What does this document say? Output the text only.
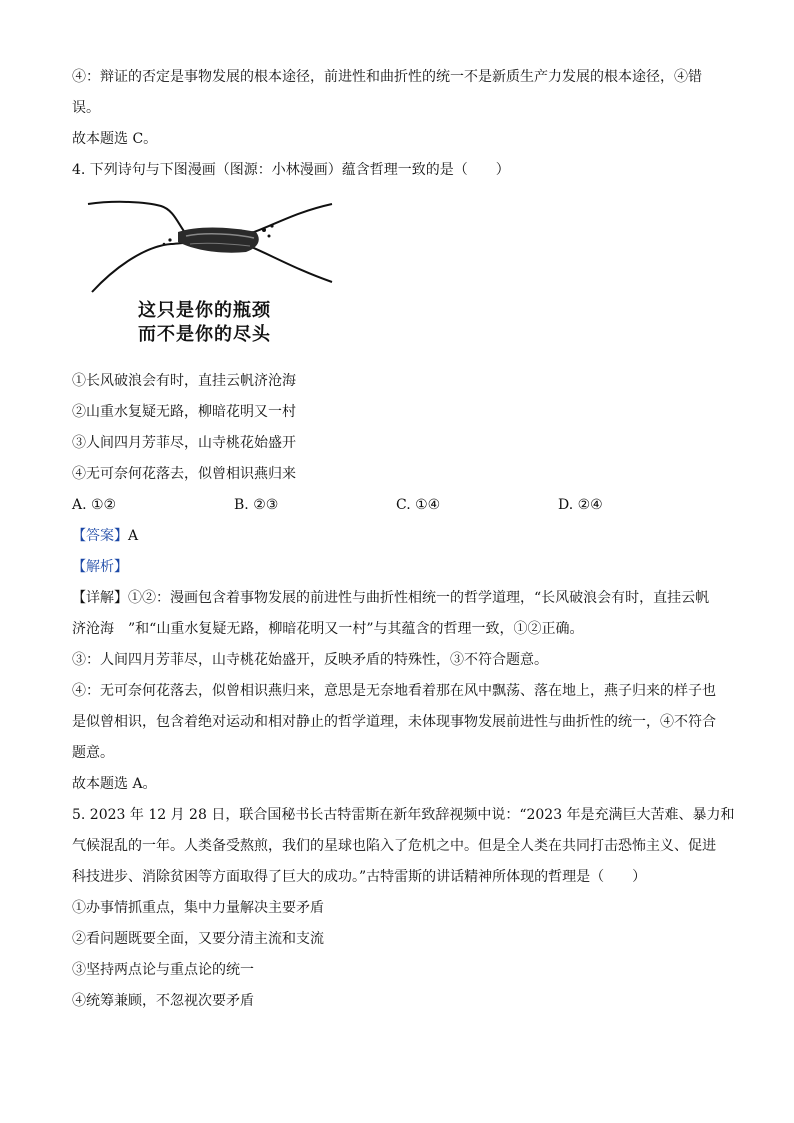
④：辩证的否定是事物发展的根本途径，前进性和曲折性的统一不是新质生产力发展的根本途径，④错

误。

故本题选 C。

4. 下列诗句与下图漫画（图源：小林漫画）蕴含哲理一致的是（　　）

这只是你的瓶颈
而不是你的尽头

①长风破浪会有时，直挂云帆济沧海

②山重水复疑无路，柳暗花明又一村

③人间四月芳菲尽，山寺桃花始盛开

④无可奈何花落去，似曾相识燕归来

A. ①②	B. ②③	C. ①④	D. ②④

【答案】A

【解析】

【详解】①②：漫画包含着事物发展的前进性与曲折性相统一的哲学道理，“长风破浪会有时，直挂云帆

济沧海　”和“山重水复疑无路，柳暗花明又一村”与其蕴含的哲理一致，①②正确。

③：人间四月芳菲尽，山寺桃花始盛开，反映矛盾的特殊性，③不符合题意。

④：无可奈何花落去，似曾相识燕归来，意思是无奈地看着那在风中飘荡、落在地上，燕子归来的样子也

是似曾相识，包含着绝对运动和相对静止的哲学道理，未体现事物发展前进性与曲折性的统一，④不符合

题意。

故本题选 A。

5. 2023 年 12 月 28 日，联合国秘书长古特雷斯在新年致辞视频中说：“2023 年是充满巨大苦难、暴力和

气候混乱的一年。人类备受熬煎，我们的星球也陷入了危机之中。但是全人类在共同打击恐怖主义、促进

科技进步、消除贫困等方面取得了巨大的成功。”古特雷斯的讲话精神所体现的哲理是（　　）

①办事情抓重点，集中力量解决主要矛盾

②看问题既要全面，又要分清主流和支流

③坚持两点论与重点论的统一

④统筹兼顾，不忽视次要矛盾
